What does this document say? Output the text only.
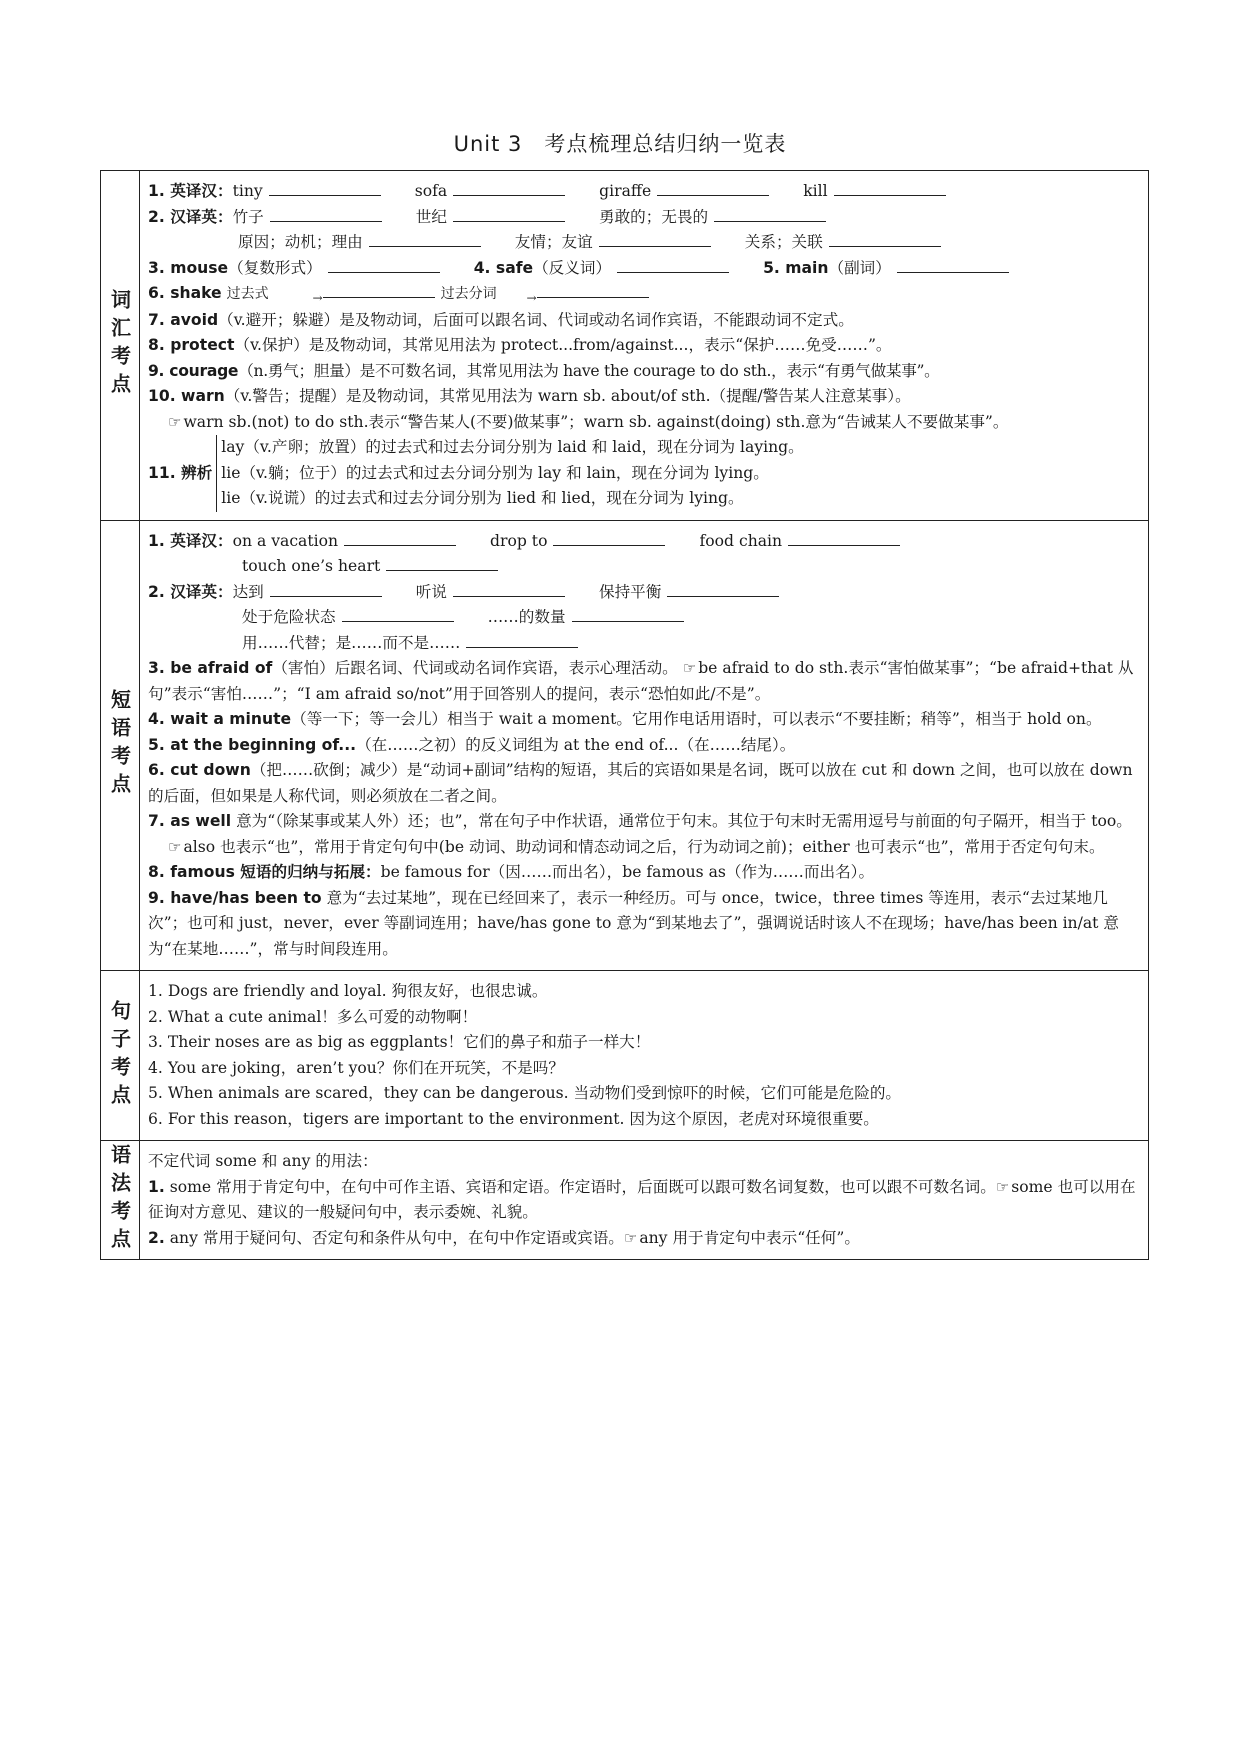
Unit 3　考点梳理总结归纳一览表
词汇考点
1. 英译汉：tiny	sofa	giraffe	kill
2. 汉译英：竹子	世纪	勇敢的；无畏的
原因；动机；理由	友情；友谊	关系；关联
3. mouse（复数形式）	4. safe（反义词）	5. main（副词）
6. shake 过去式 →	过去分词 →
7. avoid（v.避开；躲避）是及物动词，后面可以跟名词、代词或动名词作宾语，不能跟动词不定式。
8. protect（v.保护）是及物动词，其常见用法为 protect...from/against...，表示“保护……免受……”。
9. courage（n.勇气；胆量）是不可数名词，其常见用法为 have the courage to do sth.，表示“有勇气做某事”。
10. warn（v.警告；提醒）是及物动词，其常见用法为 warn sb. about/of sth.（提醒/警告某人注意某事）。
☞ warn sb.(not) to do sth.表示“警告某人(不要)做某事”；warn sb. against(doing) sth.意为“告诫某人不要做某事”。
11. 辨析
lay（v.产卵；放置）的过去式和过去分词分别为 laid 和 laid，现在分词为 laying。
lie（v.躺；位于）的过去式和过去分词分别为 lay 和 lain，现在分词为 lying。
lie（v.说谎）的过去式和过去分词分别为 lied 和 lied，现在分词为 lying。
短语考点
1. 英译汉：on a vacation	drop to	food chain
touch one’s heart
2. 汉译英：达到	听说	保持平衡
处于危险状态	……的数量
用……代替；是……而不是……
3. be afraid of（害怕）后跟名词、代词或动名词作宾语，表示心理活动。 ☞ be afraid to do sth.表示“害怕做某事”；“be afraid+that 从句”表示“害怕……”；“I am afraid so/not”用于回答别人的提问，表示“恐怕如此/不是”。
4. wait a minute（等一下；等一会儿）相当于 wait a moment。它用作电话用语时，可以表示“不要挂断；稍等”，相当于 hold on。
5. at the beginning of...（在……之初）的反义词组为 at the end of...（在……结尾）。
6. cut down（把……砍倒；减少）是“动词+副词”结构的短语，其后的宾语如果是名词，既可以放在 cut 和 down 之间，也可以放在 down 的后面，但如果是人称代词，则必须放在二者之间。
7. as well 意为“（除某事或某人外）还；也”，常在句子中作状语，通常位于句末。其位于句末时无需用逗号与前面的句子隔开，相当于 too。
☞ also 也表示“也”，常用于肯定句句中(be 动词、助动词和情态动词之后，行为动词之前)；either 也可表示“也”，常用于否定句句末。
8. famous 短语的归纳与拓展：be famous for（因……而出名），be famous as（作为……而出名）。
9. have/has been to 意为“去过某地”，现在已经回来了，表示一种经历。可与 once，twice，three times 等连用，表示“去过某地几次”；也可和 just，never，ever 等副词连用；have/has gone to 意为“到某地去了”，强调说话时该人不在现场；have/has been in/at 意为“在某地……”，常与时间段连用。
句子考点
1. Dogs are friendly and loyal. 狗很友好，也很忠诚。
2. What a cute animal！多么可爱的动物啊！
3. Their noses are as big as eggplants！它们的鼻子和茄子一样大！
4. You are joking，aren’t you？你们在开玩笑，不是吗？
5. When animals are scared，they can be dangerous. 当动物们受到惊吓的时候，它们可能是危险的。
6. For this reason，tigers are important to the environment. 因为这个原因，老虎对环境很重要。
语法考点 不定代词 some 和 any 的用法：
1. some 常用于肯定句中，在句中可作主语、宾语和定语。作定语时，后面既可以跟可数名词复数，也可以跟不可数名词。☞ some 也可以用在征询对方意见、建议的一般疑问句中，表示委婉、礼貌。
2. any 常用于疑问句、否定句和条件从句中，在句中作定语或宾语。☞ any 用于肯定句中表示“任何”。
